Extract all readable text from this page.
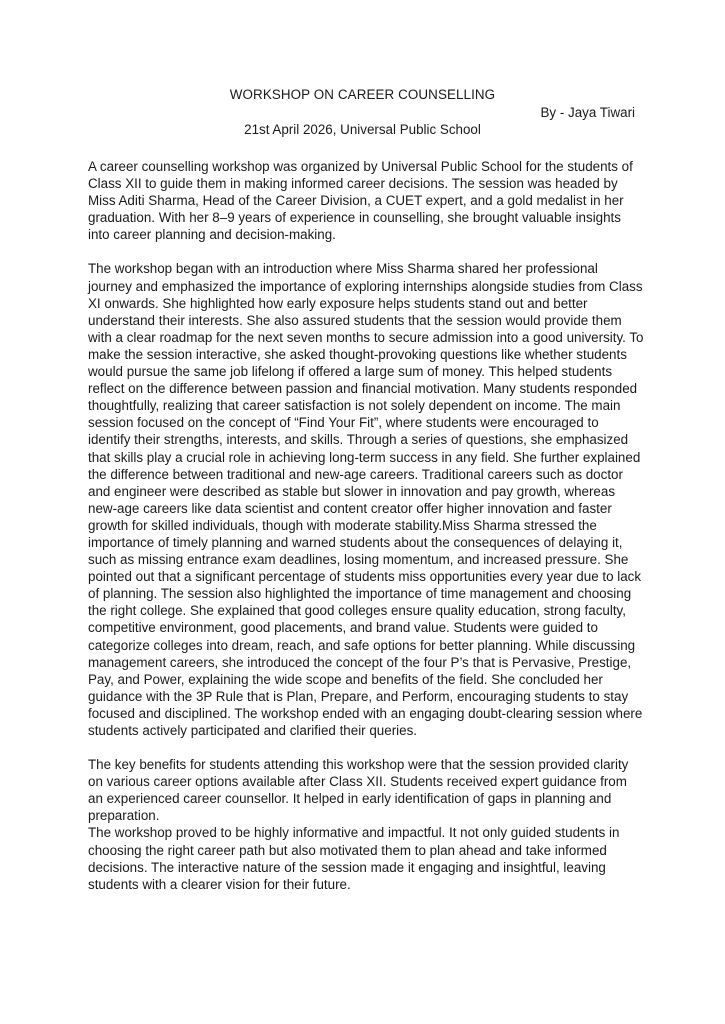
WORKSHOP ON CAREER COUNSELLING
By - Jaya Tiwari
21st April 2026, Universal Public School

A career counselling workshop was organized by Universal Public School for the students of Class XII to guide them in making informed career decisions. The session was headed by Miss Aditi Sharma, Head of the Career Division, a CUET expert, and a gold medalist in her graduation. With her 8–9 years of experience in counselling, she brought valuable insights into career planning and decision-making.

The workshop began with an introduction where Miss Sharma shared her professional journey and emphasized the importance of exploring internships alongside studies from Class XI onwards. She highlighted how early exposure helps students stand out and better understand their interests. She also assured students that the session would provide them with a clear roadmap for the next seven months to secure admission into a good university. To make the session interactive, she asked thought-provoking questions like whether students would pursue the same job lifelong if offered a large sum of money. This helped students reflect on the difference between passion and financial motivation. Many students responded thoughtfully, realizing that career satisfaction is not solely dependent on income. The main session focused on the concept of “Find Your Fit”, where students were encouraged to identify their strengths, interests, and skills. Through a series of questions, she emphasized that skills play a crucial role in achieving long-term success in any field. She further explained the difference between traditional and new-age careers. Traditional careers such as doctor and engineer were described as stable but slower in innovation and pay growth, whereas new-age careers like data scientist and content creator offer higher innovation and faster growth for skilled individuals, though with moderate stability.Miss Sharma stressed the importance of timely planning and warned students about the consequences of delaying it, such as missing entrance exam deadlines, losing momentum, and increased pressure. She pointed out that a significant percentage of students miss opportunities every year due to lack of planning. The session also highlighted the importance of time management and choosing the right college. She explained that good colleges ensure quality education, strong faculty, competitive environment, good placements, and brand value. Students were guided to categorize colleges into dream, reach, and safe options for better planning. While discussing management careers, she introduced the concept of the four P’s that is Pervasive, Prestige, Pay, and Power, explaining the wide scope and benefits of the field. She concluded her guidance with the 3P Rule that is Plan, Prepare, and Perform, encouraging students to stay focused and disciplined. The workshop ended with an engaging doubt-clearing session where students actively participated and clarified their queries.

The key benefits for students attending this workshop were that the session provided clarity on various career options available after Class XII. Students received expert guidance from an experienced career counsellor. It helped in early identification of gaps in planning and preparation.

The workshop proved to be highly informative and impactful. It not only guided students in choosing the right career path but also motivated them to plan ahead and take informed decisions. The interactive nature of the session made it engaging and insightful, leaving students with a clearer vision for their future.
